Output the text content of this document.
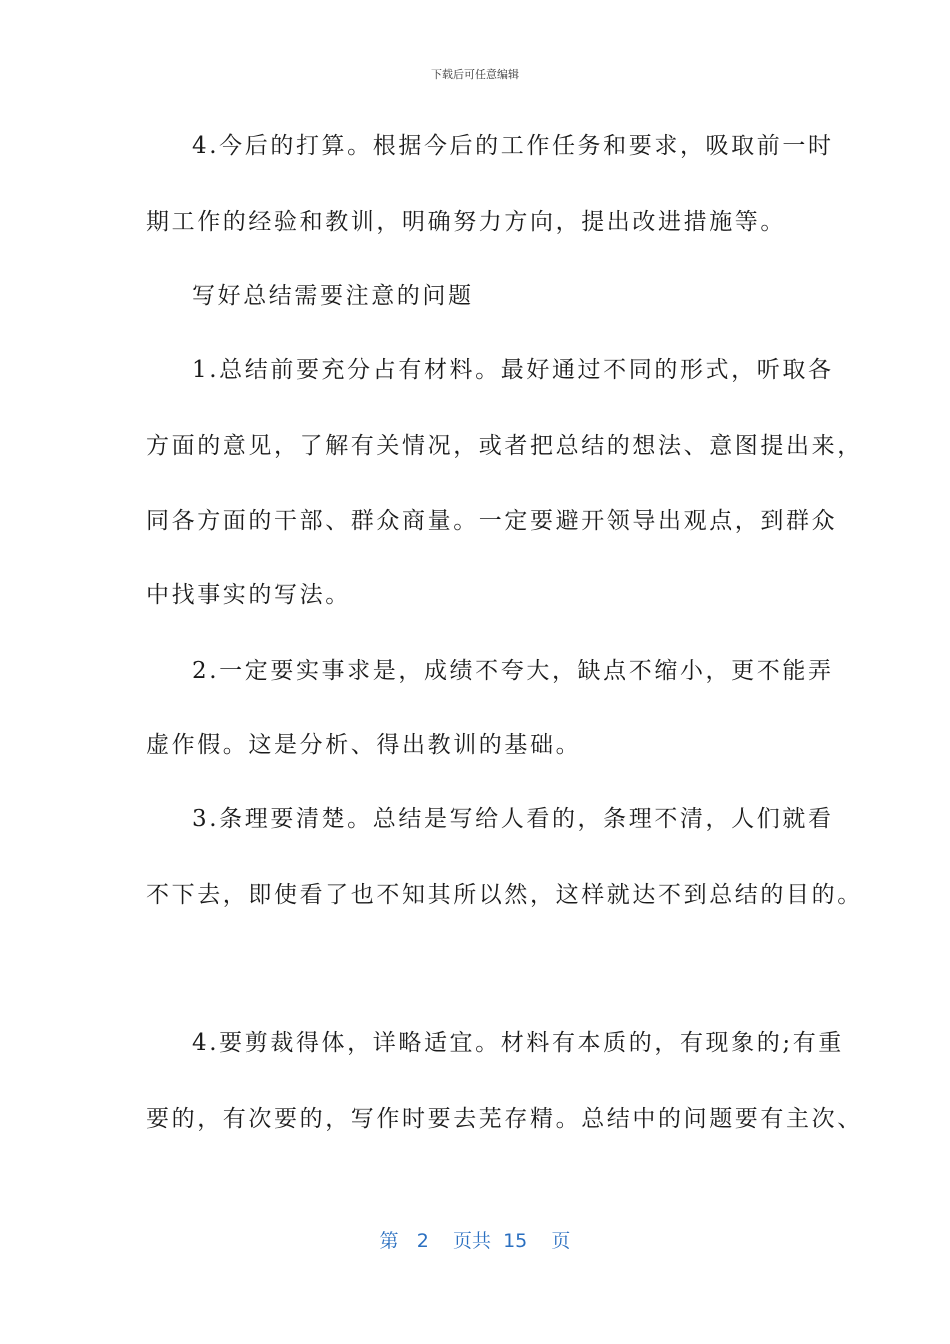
下载后可任意编辑
4.今后的打算。根据今后的工作任务和要求，吸取前一时
期工作的经验和教训，明确努力方向，提出改进措施等。
写好总结需要注意的问题
1.总结前要充分占有材料。最好通过不同的形式，听取各
方面的意见，了解有关情况，或者把总结的想法、意图提出来，
同各方面的干部、群众商量。一定要避开领导出观点，到群众
中找事实的写法。
2.一定要实事求是，成绩不夸大，缺点不缩小，更不能弄
虚作假。这是分析、得出教训的基础。
3.条理要清楚。总结是写给人看的，条理不清，人们就看
不下去，即使看了也不知其所以然，这样就达不到总结的目的。
4.要剪裁得体，详略适宜。材料有本质的，有现象的;有重
要的，有次要的，写作时要去芜存精。总结中的问题要有主次、
第 2 页共 15 页
